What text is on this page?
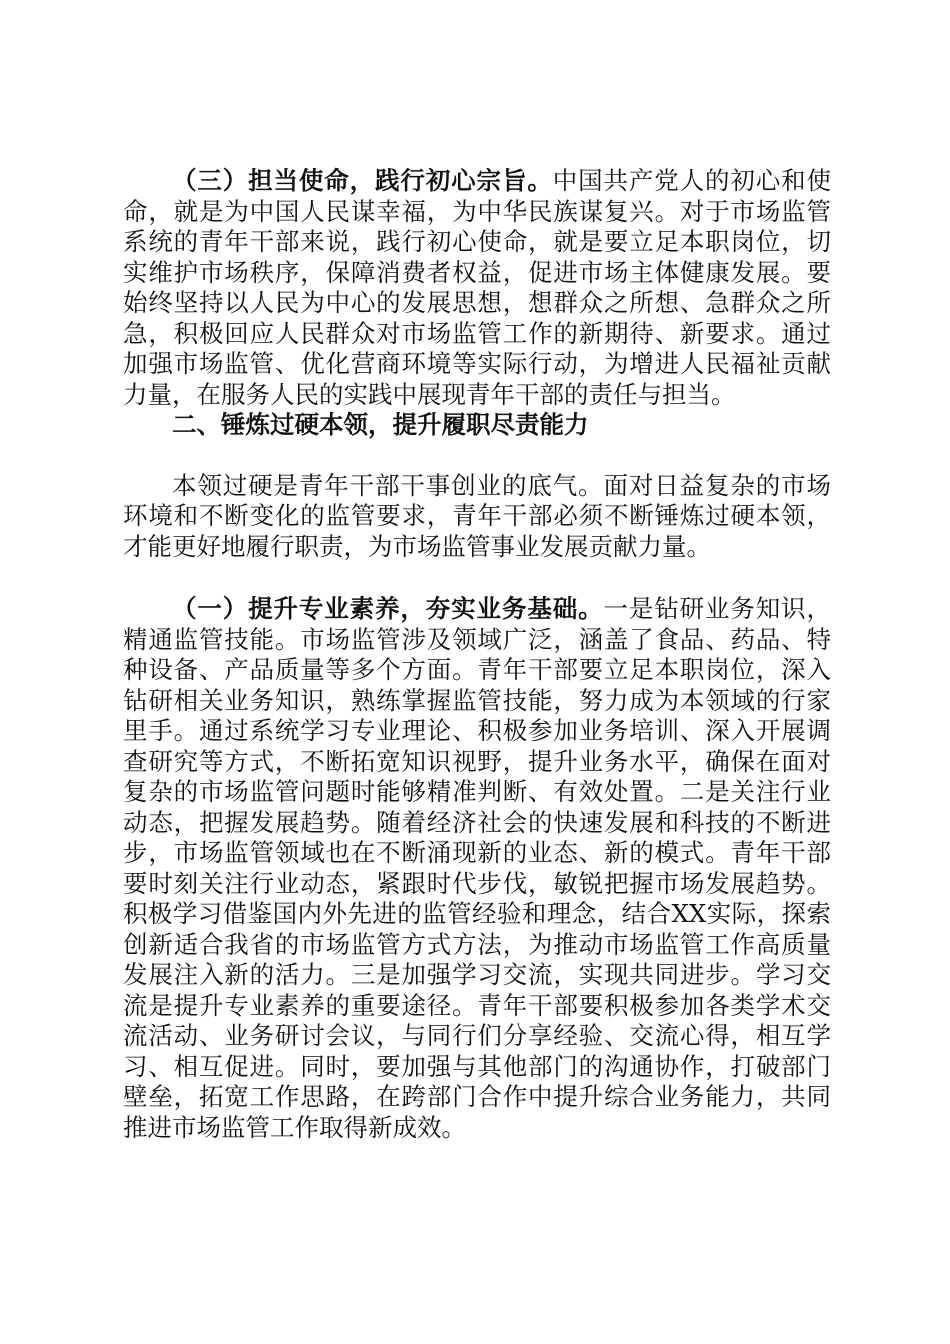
（三）担当使命，践行初心宗旨。中国共产党人的初心和使命，就是为中国人民谋幸福，为中华民族谋复兴。对于市场监管系统的青年干部来说，践行初心使命，就是要立足本职岗位，切实维护市场秩序，保障消费者权益，促进市场主体健康发展。要始终坚持以人民为中心的发展思想，想群众之所想、急群众之所急，积极回应人民群众对市场监管工作的新期待、新要求。通过加强市场监管、优化营商环境等实际行动，为增进人民福祉贡献力量，在服务人民的实践中展现青年干部的责任与担当。

二、锤炼过硬本领，提升履职尽责能力

本领过硬是青年干部干事创业的底气。面对日益复杂的市场环境和不断变化的监管要求，青年干部必须不断锤炼过硬本领，才能更好地履行职责，为市场监管事业发展贡献力量。

（一）提升专业素养，夯实业务基础。一是钻研业务知识，精通监管技能。市场监管涉及领域广泛，涵盖了食品、药品、特种设备、产品质量等多个方面。青年干部要立足本职岗位，深入钻研相关业务知识，熟练掌握监管技能，努力成为本领域的行家里手。通过系统学习专业理论、积极参加业务培训、深入开展调查研究等方式，不断拓宽知识视野，提升业务水平，确保在面对复杂的市场监管问题时能够精准判断、有效处置。二是关注行业动态，把握发展趋势。随着经济社会的快速发展和科技的不断进步，市场监管领域也在不断涌现新的业态、新的模式。青年干部要时刻关注行业动态，紧跟时代步伐，敏锐把握市场发展趋势。积极学习借鉴国内外先进的监管经验和理念，结合XX实际，探索创新适合我省的市场监管方式方法，为推动市场监管工作高质量发展注入新的活力。三是加强学习交流，实现共同进步。学习交流是提升专业素养的重要途径。青年干部要积极参加各类学术交流活动、业务研讨会议，与同行们分享经验、交流心得，相互学习、相互促进。同时，要加强与其他部门的沟通协作，打破部门壁垒，拓宽工作思路，在跨部门合作中提升综合业务能力，共同推进市场监管工作取得新成效。
